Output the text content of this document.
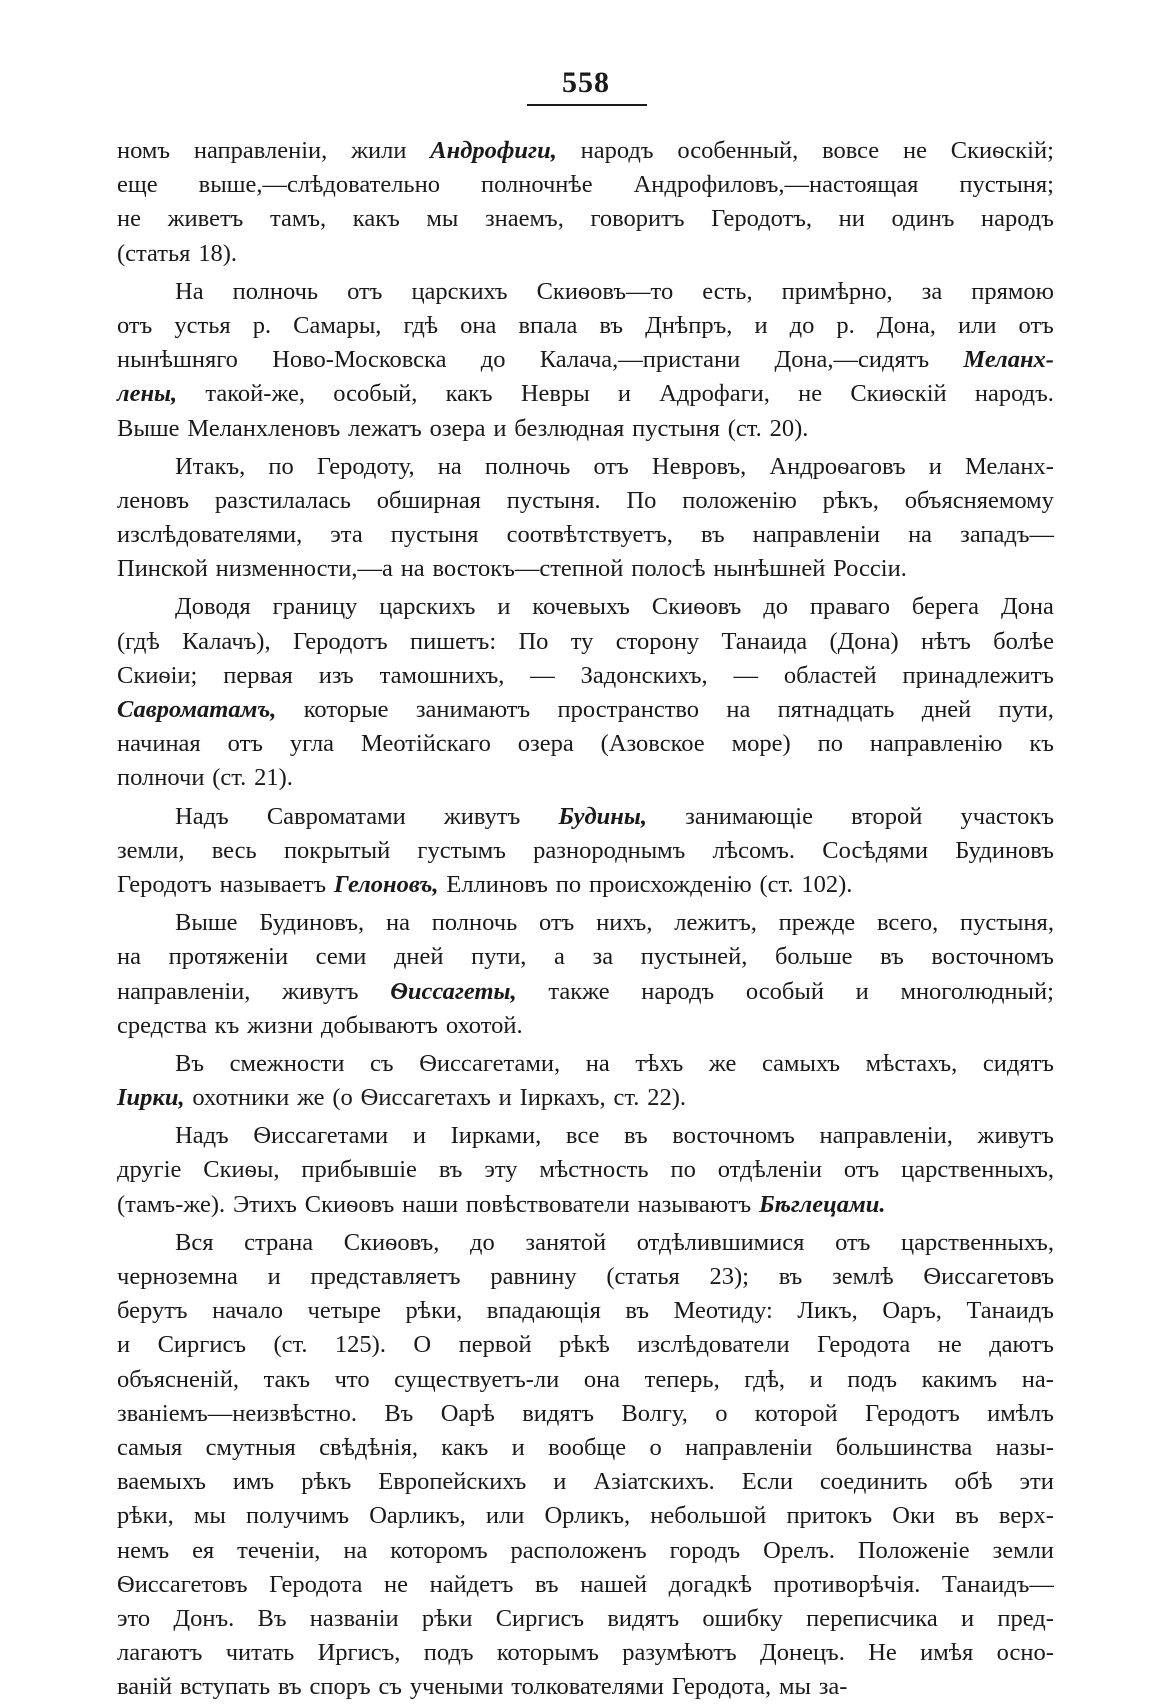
558
номъ направленіи, жили Андрофиги, народъ особенный, вовсе не Скиѳскій;
еще выше,—слѣдовательно полночнѣе Андрофиловъ,—настоящая пустыня;
не живетъ тамъ, какъ мы знаемъ, говоритъ Геродотъ, ни одинъ народъ
(статья 18).
На полночь отъ царскихъ Скиѳовъ—то есть, примѣрно, за прямою
отъ устья р. Самары, гдѣ она впала въ Днѣпръ, и до р. Дона, или отъ
нынѣшняго Ново-Московска до Калача,—пристани Дона,—сидятъ Меланх-
лены, такой-же, особый, какъ Невры и Адрофаги, не Скиѳскій народъ.
Выше Меланхленовъ лежатъ озера и безлюдная пустыня (ст. 20).
Итакъ, по Геродоту, на полночь отъ Невровъ, Андроѳаговъ и Меланх-
леновъ разстилалась обширная пустыня. По положенію рѣкъ, объясняемому
изслѣдователями, эта пустыня соотвѣтствуетъ, въ направленіи на западъ—
Пинской низменности,—а на востокъ—степной полосѣ нынѣшней Россіи.
Доводя границу царскихъ и кочевыхъ Скиѳовъ до праваго берега Дона
(гдѣ Калачъ), Геродотъ пишетъ: По ту сторону Танаида (Дона) нѣтъ болѣе
Скиѳіи; первая изъ тамошнихъ, — Задонскихъ, — областей принадлежитъ
Савроматамъ, которые занимаютъ пространство на пятнадцать дней пути,
начиная отъ угла Меотійскаго озера (Азовское море) по направленію къ
полночи (ст. 21).
Надъ Савроматами живутъ Будины, занимающіе второй участокъ
земли, весь покрытый густымъ разнороднымъ лѣсомъ. Сосѣдями Будиновъ
Геродотъ называетъ Гелоновъ, Еллиновъ по происхожденію (ст. 102).
Выше Будиновъ, на полночь отъ нихъ, лежитъ, прежде всего, пустыня,
на протяженіи семи дней пути, а за пустыней, больше въ восточномъ
направленіи, живутъ Ѳиссагеты, также народъ особый и многолюдный;
средства къ жизни добываютъ охотой.
Въ смежности съ Ѳиссагетами, на тѣхъ же самыхъ мѣстахъ, сидятъ
Іирки, охотники же (о Ѳиссагетахъ и Іиркахъ, ст. 22).
Надъ Ѳиссагетами и Іирками, все въ восточномъ направленіи, живутъ
другіе Скиѳы, прибывшіе въ эту мѣстность по отдѣленіи отъ царственныхъ,
(тамъ-же). Этихъ Скиѳовъ наши повѣствователи называютъ Бѣглецами.
Вся страна Скиѳовъ, до занятой отдѣлившимися отъ царственныхъ,
черноземна и представляетъ равнину (статья 23); въ землѣ Ѳиссагетовъ
берутъ начало четыре рѣки, впадающія въ Меотиду: Ликъ, Оаръ, Танаидъ
и Сиргисъ (ст. 125). О первой рѣкѣ изслѣдователи Геродота не даютъ
объясненій, такъ что существуетъ-ли она теперь, гдѣ, и подъ какимъ на-
званіемъ—неизвѣстно. Въ Оарѣ видятъ Волгу, о которой Геродотъ имѣлъ
самыя смутныя свѣдѣнія, какъ и вообще о направленіи большинства назы-
ваемыхъ имъ рѣкъ Европейскихъ и Азіатскихъ. Если соединить обѣ эти
рѣки, мы получимъ Оарликъ, или Орликъ, небольшой притокъ Оки въ верх-
немъ ея теченіи, на которомъ расположенъ городъ Орелъ. Положеніе земли
Ѳиссагетовъ Геродота не найдетъ въ нашей догадкѣ противорѣчія. Танаидъ—
это Донъ. Въ названіи рѣки Сиргисъ видятъ ошибку переписчика и пред-
лагаютъ читать Иргисъ, подъ которымъ разумѣютъ Донецъ. Не имѣя осно-
ваній вступать въ споръ съ учеными толкователями Геродота, мы за-
